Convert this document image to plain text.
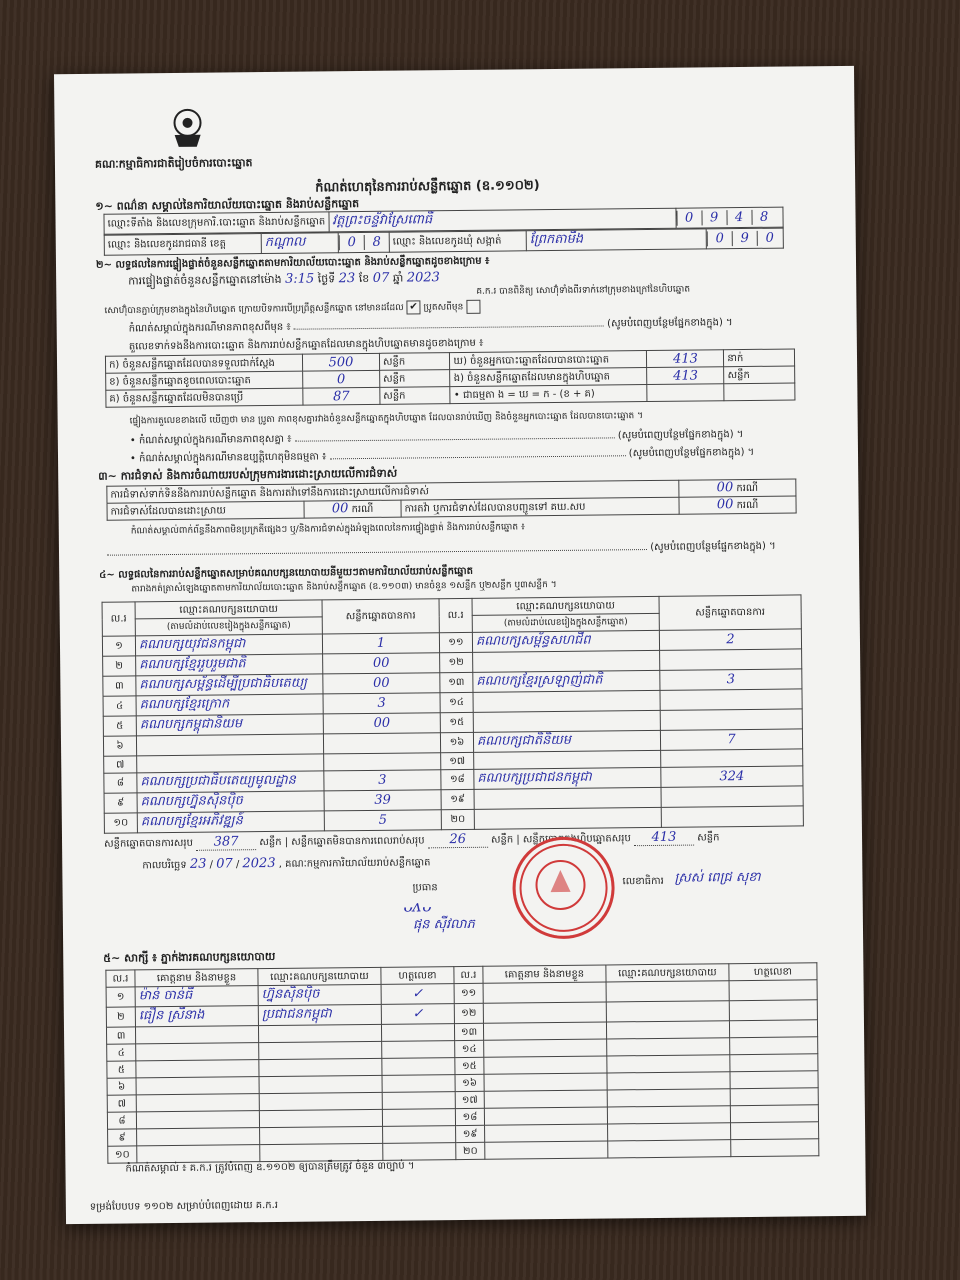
គណៈកម្មាធិការជាតិរៀបចំការបោះឆ្នោត
កំណត់ហេតុនៃការរាប់សន្លឹកឆ្នោត (ឧ.១១០២)
១~ ពណ៌នា សម្គាល់នៃការិយាល័យបោះឆ្នោត និងរាប់សន្លឹកឆ្នោត
ឈ្មោះទីតាំង និងលេខក្រុមការិ.បោះឆ្នោត និងរាប់សន្លឹកឆ្នោត	វត្តព្រះចន្ទ័វាស្រែពោធិ៍	0 9 4 8
ឈ្មោះ និងលេខកូដរាជធានី ខេត្ត	កណ្តាល	0 8	ឈ្មោះ និងលេខកូដឃុំ សង្កាត់	ព្រែកតាមឹង	0 9 0
២~ លទ្ធផលនៃការផ្ទៀងផ្ទាត់ចំនួនសន្លឹកឆ្នោតតាមការិយាល័យបោះឆ្នោត និងរាប់សន្លឹកឆ្នោតដូចខាងក្រោម ៖
ការផ្ទៀងផ្ទាត់ចំនួនសន្លឹកឆ្នោតនៅម៉ោង 3:15 ថ្ងៃទី 23 ខែ 07 ឆ្នាំ 2023
គ.ក.រ បានពិនិត្យ សោហ៊ុំទាំងពីរទាក់នៅក្រុមខាងក្រៅនៃហិបឆ្នោត
សោហ៊ុំបានភ្ជាប់ក្រុមខាងក្នុងនៃហិបឆ្នោត ក្រោយបិទការបើប្រព្រឹត្តសន្លឹកឆ្នោត នៅមានដដែល ✔ ប្រូតសពីមុន
កំណត់សម្គាល់ក្នុងករណីមានភាពខុសពីមុន ៖	(សូមបំពេញបន្ថែមផ្នែកខាងក្នុង) ។
តួលេខទាក់ទងនឹងការបោះឆ្នោត និងការរាប់សន្លឹកឆ្នោតដែលមានក្នុងហិបឆ្នោតមានដូចខាងក្រោម ៖
ក) ចំនួនសន្លឹកឆ្នោតដែលបានទទួលជាក់ស្តែង	500	សន្លឹក	ឃ) ចំនួនអ្នកបោះឆ្នោតដែលបានបោះឆ្នោត	413	នាក់
ខ) ចំនួនសន្លឹកឆ្នោតខូចពេលបោះឆ្នោត	0	សន្លឹក	ង) ចំនួនសន្លឹកឆ្នោតដែលមានក្នុងហិបឆ្នោត	413	សន្លឹក
គ) ចំនួនសន្លឹកឆ្នោតដែលមិនបានប្រើ	87	សន្លឹក	• ជាធម្មតា ង = ឃ = ក - (ខ + គ)		
ផ្ទៀងការតួលេខខាងលើ ឃើញថា មាន ប្រូតា ភាពខុសគ្នារវាងចំនួនសន្លឹកឆ្នោតក្នុងហិបឆ្នោត ដែលបានរាប់ឃើញ និងចំនួនអ្នកបោះឆ្នោត ដែលបានបោះឆ្នោត ។
• កំណត់សម្គាល់ក្នុងករណីមានភាពខុសគ្នា ៖	(សូមបំពេញបន្ថែមផ្នែកខាងក្នុង) ។
• កំណត់សម្គាល់ក្នុងករណីមានឧប្បត្តិហេតុមិនធម្មតា ៖	(សូមបំពេញបន្ថែមផ្នែកខាងក្នុង) ។
៣~ ការជំទាស់ និងការចំណាយរបស់ក្រុមការងារដោះស្រាយលើការជំទាស់
ការជំទាស់ទាក់ទិននឹងការរាប់សន្លឹកឆ្នោត និងការតវ៉ាទៅនឹងការដោះស្រាយលើការជំទាស់			00 ករណី
ការជំទាស់ដែលបានដោះស្រាយ	00 ករណី	ការតវ៉ា ឬការជំទាស់ដែលបានបញ្ជូនទៅ គឃ.សប	00 ករណី
កំណត់សម្គាល់ពាក់ព័ន្ធនឹងភាពមិនប្រក្រតីផ្សេងៗ ឬ/និងការជំទាស់ក្នុងអំឡុងពេលនៃការផ្ទៀងផ្ទាត់ និងការរាប់សន្លឹកឆ្នោត ៖
(សូមបំពេញបន្ថែមផ្នែកខាងក្នុង) ។
៤~ លទ្ធផលនៃការរាប់សន្លឹកឆ្នោតសម្រាប់គណបក្សនយោបាយនីមួយៗតាមការិយាល័យរាប់សន្លឹកឆ្នោត
តារាងកត់ត្រាសំឡេងឆ្នោតតាមការិយាល័យបោះឆ្នោត និងរាប់សន្លឹកឆ្នោត (ឧ.១១០៣) មានចំនួន ១សន្លឹក ឬ២សន្លឹក ឬ៣សន្លឹក ។
ល.រ	ឈ្មោះគណបក្សនយោបាយ	សន្លឹកឆ្នោតបានការ	ល.រ	ឈ្មោះគណបក្សនយោបាយ	សន្លឹកឆ្នោតបានការ
	(តាមលំដាប់លេខរៀងក្នុងសន្លឹកឆ្នោត)			(តាមលំដាប់លេខរៀងក្នុងសន្លឹកឆ្នោត)	
១	គណបក្សយុវជនកម្ពុជា	1	១១	គណបក្សសម្ព័ន្ធសហជីព	2
២	គណបក្សខ្មែររួបរួមជាតិ	00	១២		
៣	គណបក្សសម្ព័ន្ធដើម្បីប្រជាធិបតេយ្យ	00	១៣	គណបក្សខ្មែរស្រឡាញ់ជាតិ	3
៤	គណបក្សខ្មែរក្រោក	3	១៤		
៥	គណបក្សកម្ពុជានិយម	00	១៥		
៦			១៦	គណបក្សជាតិនិយម	7
៧			១៧		
៨	គណបក្សប្រជាធិបតេយ្យមូលដ្ឋាន	3	១៨	គណបក្សប្រជាជនកម្ពុជា	324
៩	គណបក្សហ្វ៊ុនស៊ិនប៉ិច	39	១៩		
១០	គណបក្សខ្មែរអភិវឌ្ឍន៍	5	២០		
សន្លឹកឆ្នោតបានការសរុប 387 សន្លឹក | សន្លឹកឆ្នោតមិនបានការពេលរាប់សរុប 26 សន្លឹក | សន្លឹកឆ្នោតក្នុងហិបឆ្នោតសរុប 413 សន្លឹក
កាលបរិច្ឆេទ 23 / 07 / 2023 , គណៈកម្មការការិយាល័យរាប់សន្លឹកឆ្នោត
ប្រធាន
ᴗᴧᴗ
ផុន ស៊ីវលាភ
លេខាធិការ ស្រស់ ពេជ្រ សុខា
៥~ សាក្សី ៖ ភ្នាក់ងារគណបក្សនយោបាយ
ល.រ	គោត្តនាម និងនាមខ្លួន	ឈ្មោះគណបក្សនយោបាយ	ហត្ថលេខា	ល.រ	គោត្តនាម និងនាមខ្លួន	ឈ្មោះគណបក្សនយោបាយ	ហត្ថលេខា
១	ម៉ាន់ ចាន់ធី	ហ្វ៊ុនស៊ិនប៉ិច	✓	១១			
២	ធឿន ស្រីនាង	ប្រជាជនកម្ពុជា	✓	១២			
៣				១៣			
៤				១៤			
៥				១៥			
៦				១៦			
៧				១៧			
៨				១៨			
៩				១៩			
១០				២០			
កំណត់សម្គាល់ ៖ គ.ក.រ ត្រូវបំពេញ ឧ.១១០២ ឲ្យបានត្រឹមត្រូវ ចំនួន ៣ច្បាប់ ។
ទម្រង់បែបបទ ១១០២ សម្រាប់បំពេញដោយ គ.ក.រ
